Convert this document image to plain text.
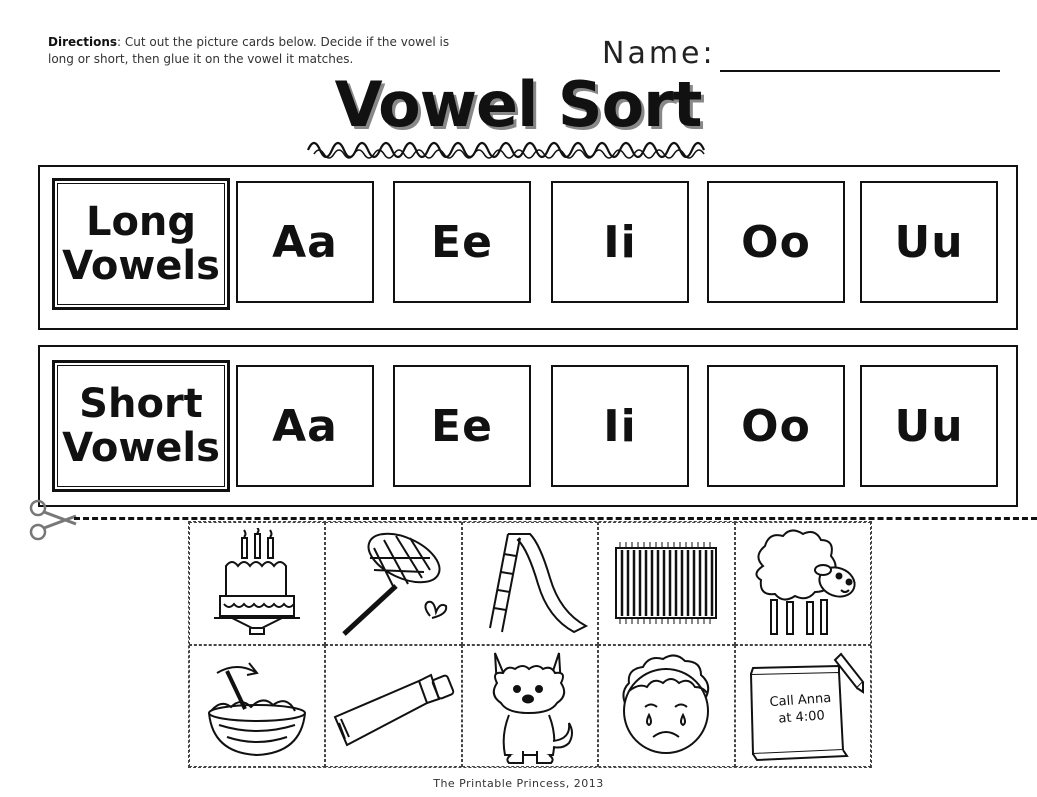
Directions: Cut out the picture cards below. Decide if the vowel is long or short, then glue it on the vowel it matches.	Name:
Vowel Sort
Long
Vowels	Aa	Ee	Ii	Oo	Uu
Short
Vowels	Aa	Ee	Ii	Oo	Uu
Call Anna
at 4:00
The Printable Princess, 2013
